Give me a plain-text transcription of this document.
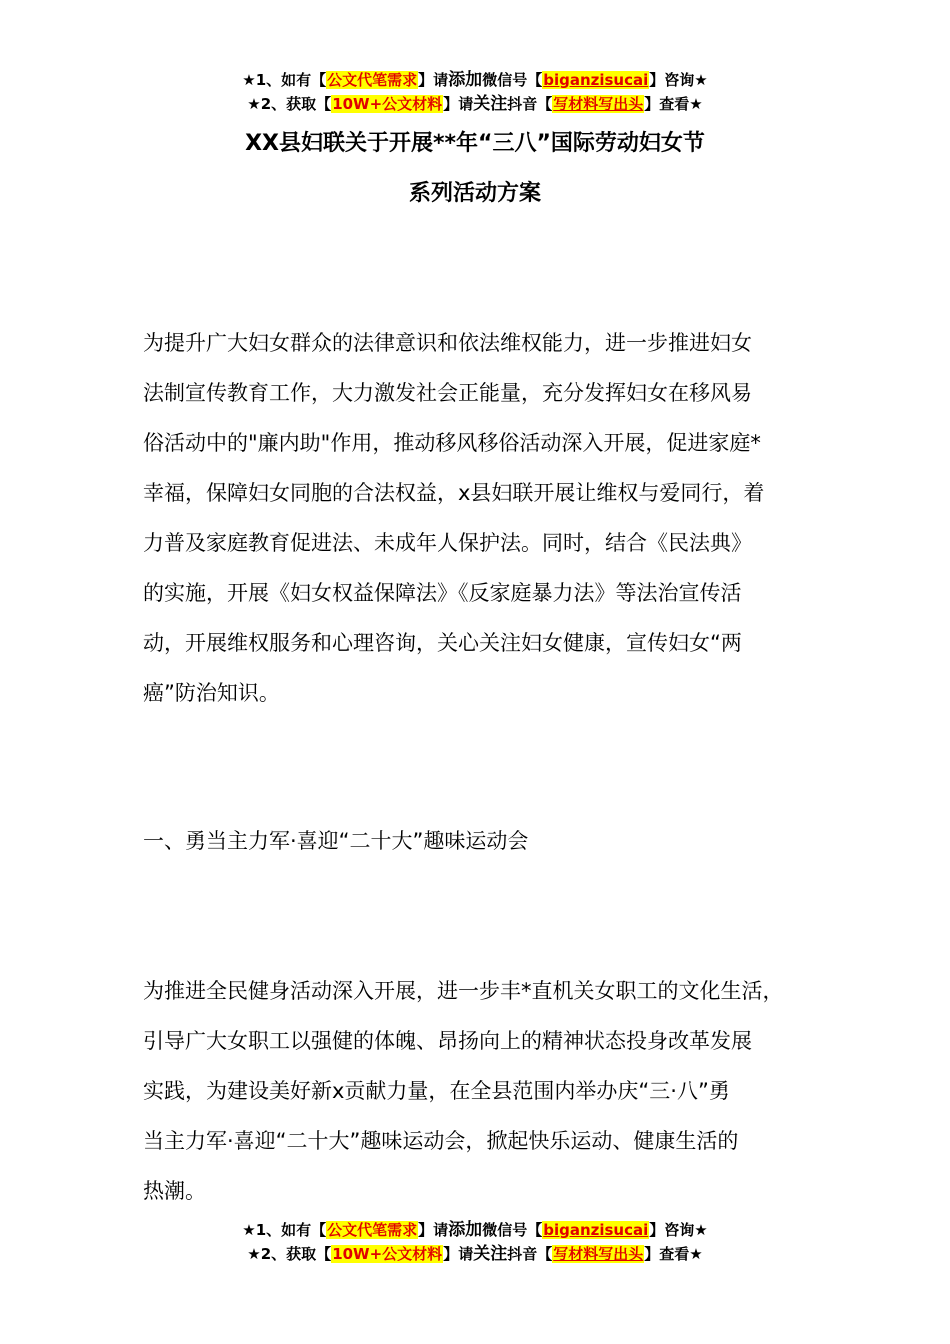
★1、如有【公文代笔需求】请添加微信号【biganzisucai】咨询★
★2、获取【10W+公文材料】请关注抖音【写材料写出头】查看★
XX县妇联关于开展**年“三八”国际劳动妇女节
系列活动方案
为提升广大妇女群众的法律意识和依法维权能力，进一步推进妇女
法制宣传教育工作，大力激发社会正能量，充分发挥妇女在移风易
俗活动中的"廉内助"作用，推动移风移俗活动深入开展，促进家庭*
幸福，保障妇女同胞的合法权益，x县妇联开展让维权与爱同行，着
力普及家庭教育促进法、未成年人保护法。同时，结合《民法典》
的实施，开展《妇女权益保障法》《反家庭暴力法》等法治宣传活
动，开展维权服务和心理咨询，关心关注妇女健康，宣传妇女“两
癌”防治知识。
一、勇当主力军·喜迎“二十大”趣味运动会
为推进全民健身活动深入开展，进一步丰*直机关女职工的文化生活，
引导广大女职工以强健的体魄、昂扬向上的精神状态投身改革发展
实践，为建设美好新x贡献力量，在全县范围内举办庆“三·八”勇
当主力军·喜迎“二十大”趣味运动会，掀起快乐运动、健康生活的
热潮。
★1、如有【公文代笔需求】请添加微信号【biganzisucai】咨询★
★2、获取【10W+公文材料】请关注抖音【写材料写出头】查看★
